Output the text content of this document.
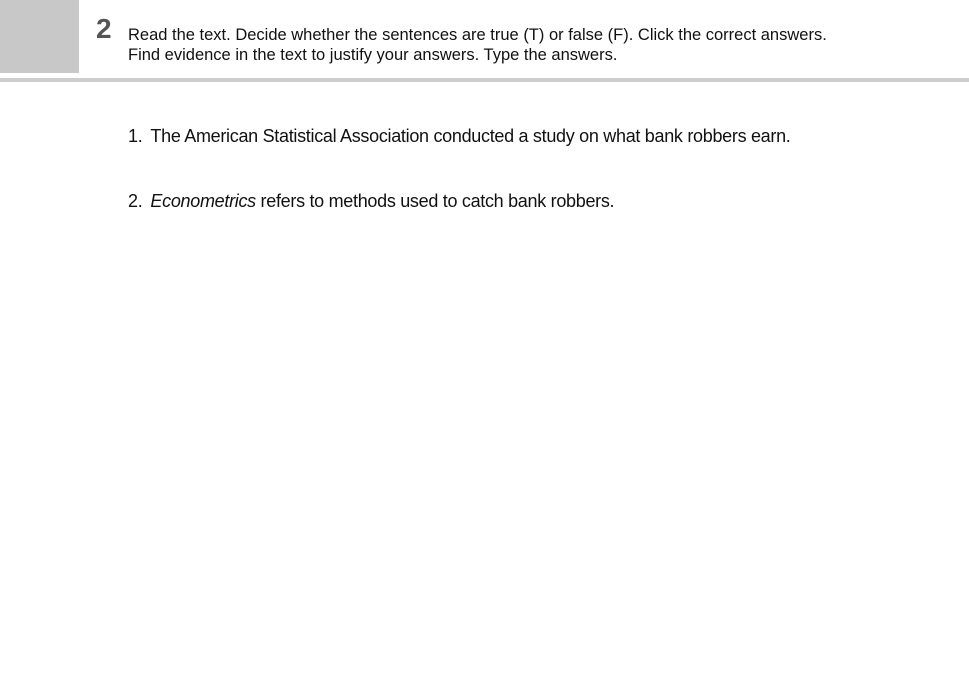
2 Read the text. Decide whether the sentences are true (T) or false (F). Click the correct answers.
Find evidence in the text to justify your answers. Type the answers.
1. The American Statistical Association conducted a study on what bank robbers earn.
2. Econometrics refers to methods used to catch bank robbers.
